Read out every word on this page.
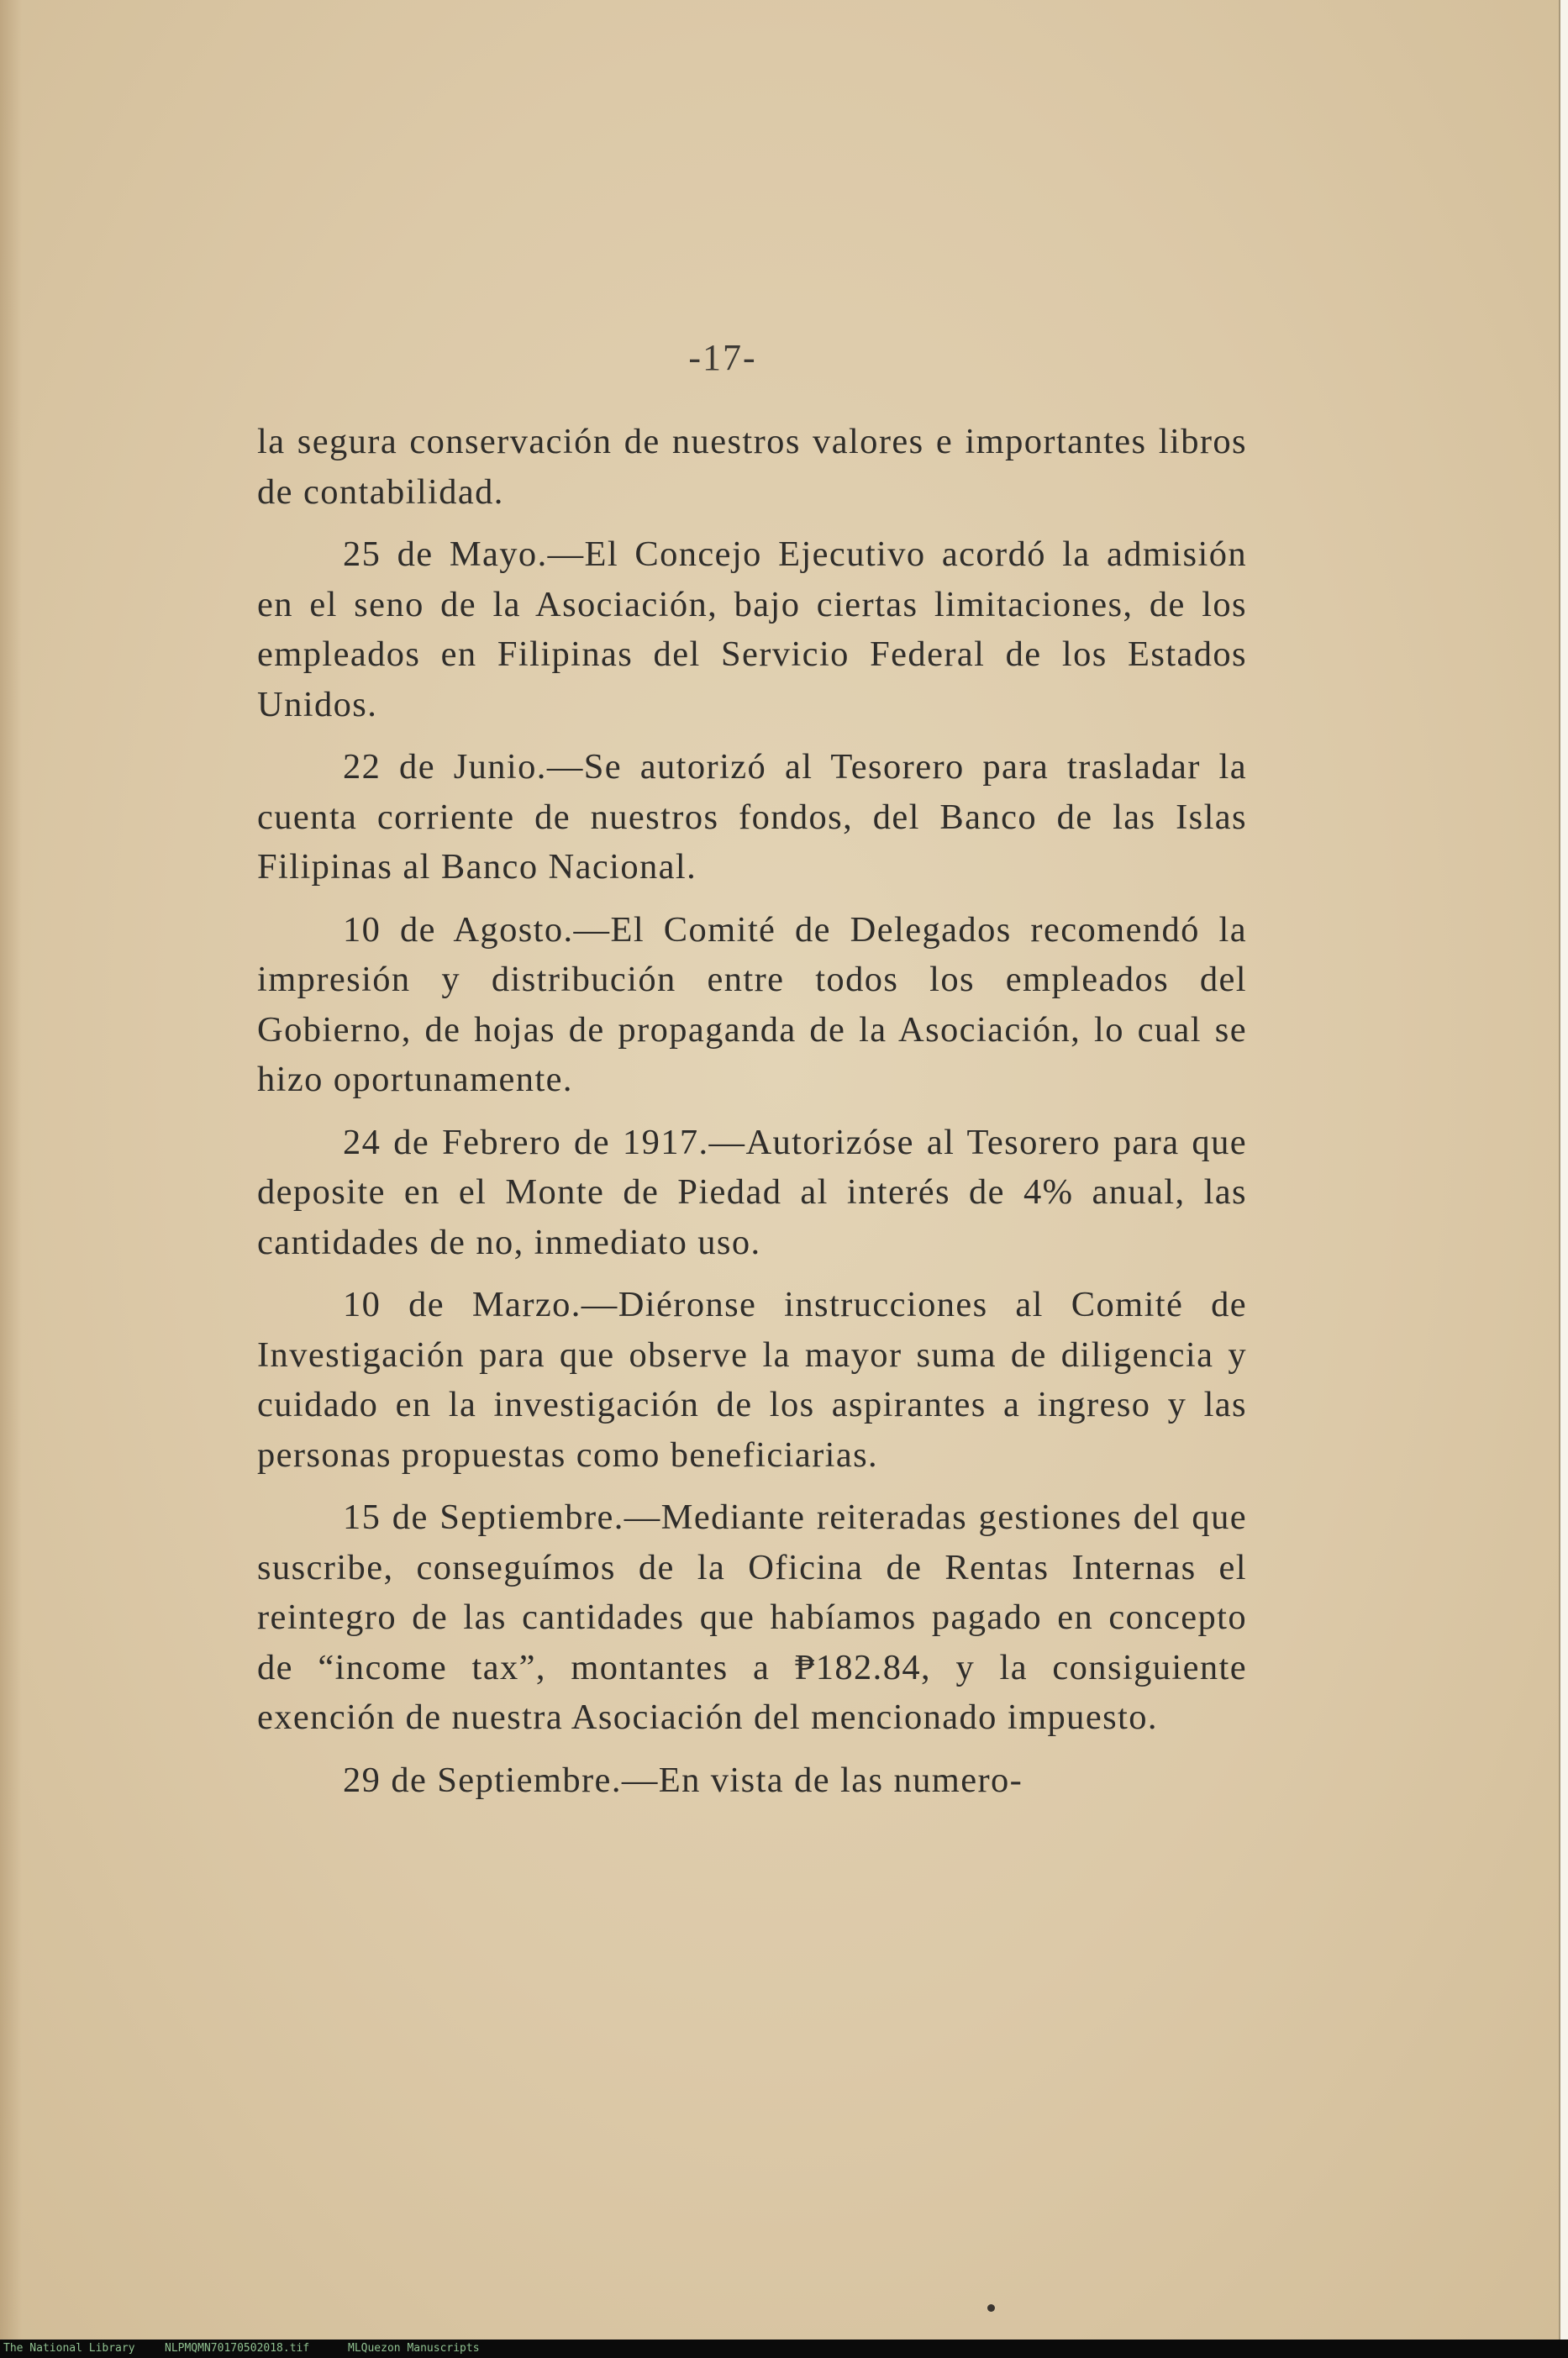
-17-

la segura conservación de nuestros valores e importantes libros de contabilidad.

25 de Mayo.—El Concejo Ejecutivo acordó la admisión en el seno de la Asociación, bajo ciertas limitaciones, de los empleados en Filipinas del Servicio Federal de los Estados Unidos.

22 de Junio.—Se autorizó al Tesorero para trasladar la cuenta corriente de nuestros fondos, del Banco de las Islas Filipinas al Banco Nacional.

10 de Agosto.—El Comité de Delegados recomendó la impresión y distribución entre todos los empleados del Gobierno, de hojas de propaganda de la Asociación, lo cual se hizo oportunamente.

24 de Febrero de 1917.—Autorizóse al Tesorero para que deposite en el Monte de Piedad al interés de 4% anual, las cantidades de no, inmediato uso.

10 de Marzo.—Diéronse instrucciones al Comité de Investigación para que observe la mayor suma de diligencia y cuidado en la investigación de los aspirantes a ingreso y las personas propuestas como beneficiarias.

15 de Septiembre.—Mediante reiteradas gestiones del que suscribe, conseguímos de la Oficina de Rentas Internas el reintegro de las cantidades que habíamos pagado en concepto de “income tax”, montantes a ₱182.84, y la consiguiente exención de nuestra Asociación del mencionado impuesto.

29 de Septiembre.—En vista de las numero-

The National Library	NLPMQMN70170502018.tif	MLQuezon Manuscripts
